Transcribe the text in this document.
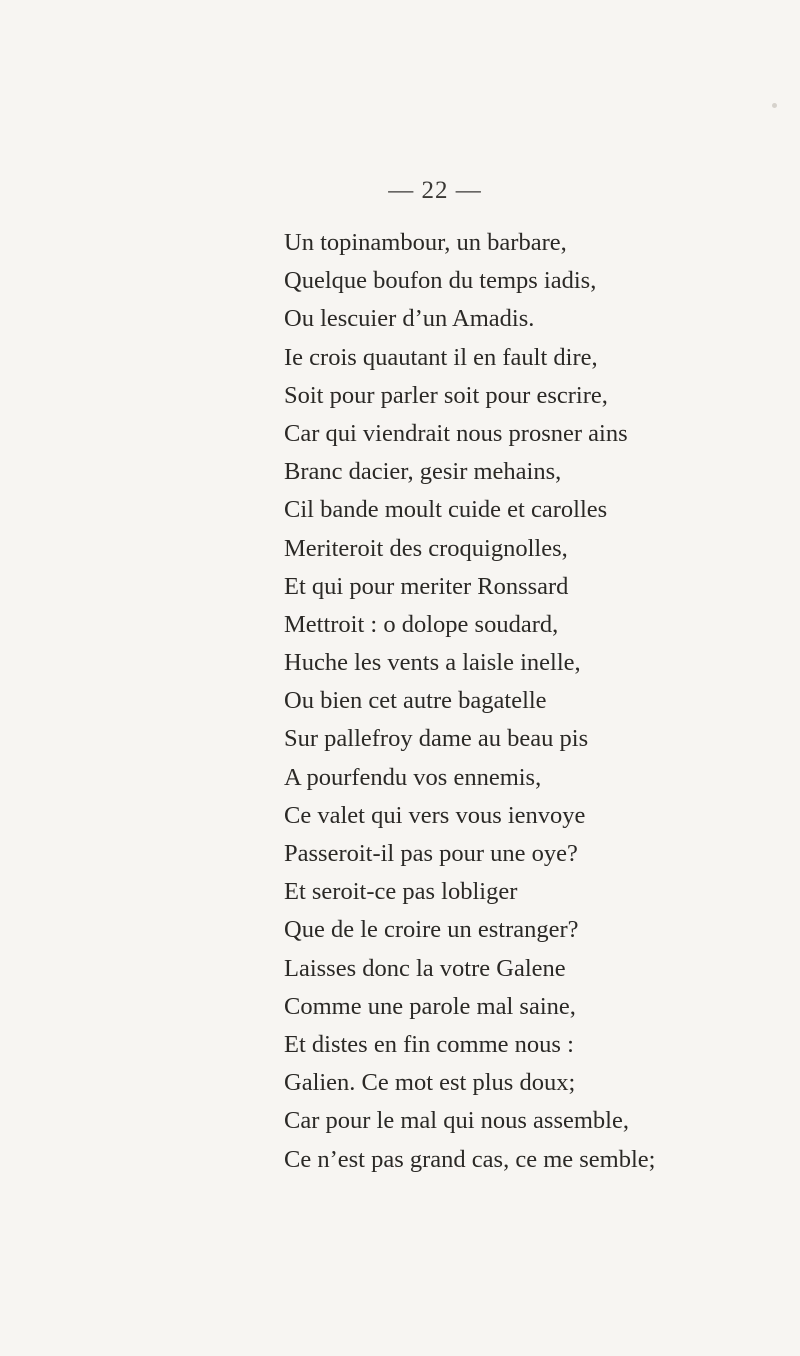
— 22 —
Un topinambour, un barbare,
Quelque boufon du temps iadis,
Ou lescuier d’un Amadis.
Ie crois quautant il en fault dire,
Soit pour parler soit pour escrire,
Car qui viendrait nous prosner ains
Branc dacier, gesir mehains,
Cil bande moult cuide et carolles
Meriteroit des croquignolles,
Et qui pour meriter Ronssard
Mettroit : o dolope soudard,
Huche les vents a laisle inelle,
Ou bien cet autre bagatelle
Sur pallefroy dame au beau pis
A pourfendu vos ennemis,
Ce valet qui vers vous ienvoye
Passeroit-il pas pour une oye?
Et seroit-ce pas lobliger
Que de le croire un estranger?
Laisses donc la votre Galene
Comme une parole mal saine,
Et distes en fin comme nous :
Galien. Ce mot est plus doux;
Car pour le mal qui nous assemble,
Ce n’est pas grand cas, ce me semble;
